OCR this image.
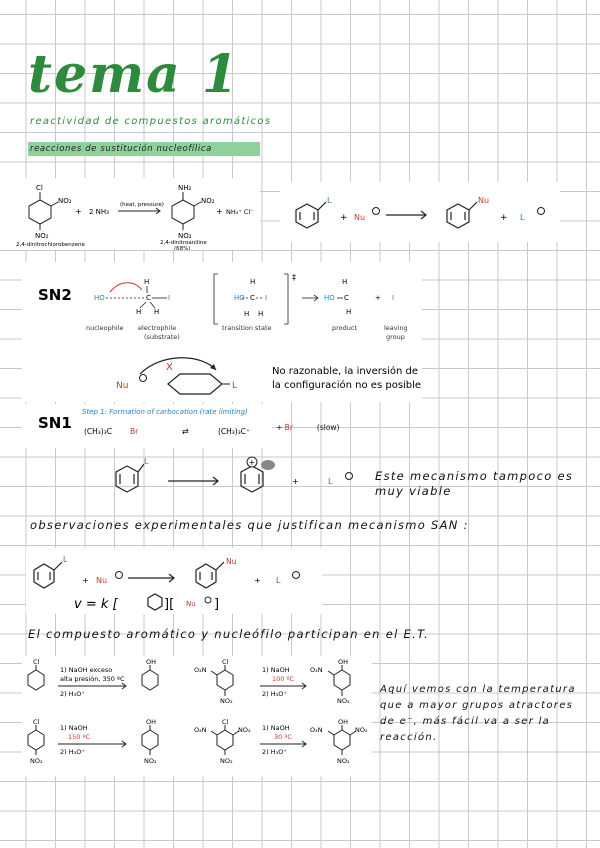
tema 1
reactividad de compuestos aromáticos
reacciones de sustitución nucleofílica
Cl
NO₂
NO₂
2,4-dinitrochlorobenzene
+ 2 NH₃
(heat, pressure)
NH₂
NO₂
NO₂
+ NH₄⁺ Cl⁻
2,4-dinitroaniline
(68%)
L
+ Nu
Nu
+ L
SN2	HO	C I
H
H H
HO C I
H
H H
HO C
H
H
+ I
‡
nucleophile electrophile
(substrate)
transition state	product	leaving
group
X
Nu	L
No razonable, la inversión de
la configuración no es posible
SN1
Step 1: Formation of carbocation (rate limiting)
(CH₃)₃C Br	⇄	(CH₃)₃C⁺	+ Br	(slow)
L	+
+	L	Este mecanismo tampoco es
muy viable
observaciones experimentales que justifican mecanismo SAN :
L
+ Nu
Nu
+ L
v = k [	][ Nu ]
El compuesto aromático y nucleófilo participan en el E.T.
Cl	OH
1) NaOH exceso
alta presión, 350 ºC
2) H₃O⁺
Cl
O₂N
NO₂
1) NaOH
100 ºC
2) H₃O⁺
OH
O₂N
NO₂
Cl
NO₂
1) NaOH
150 ºC
2) H₃O⁺
OH
NO₂
Cl
O₂N	NO₂
NO₂
1) NaOH
30 ºC
2) H₃O⁺
OH
O₂N	NO₂
NO₂
Aquí vemos con la temperatura
que a mayor grupos atractores
de e⁻, más fácil va a ser la
reacción.
